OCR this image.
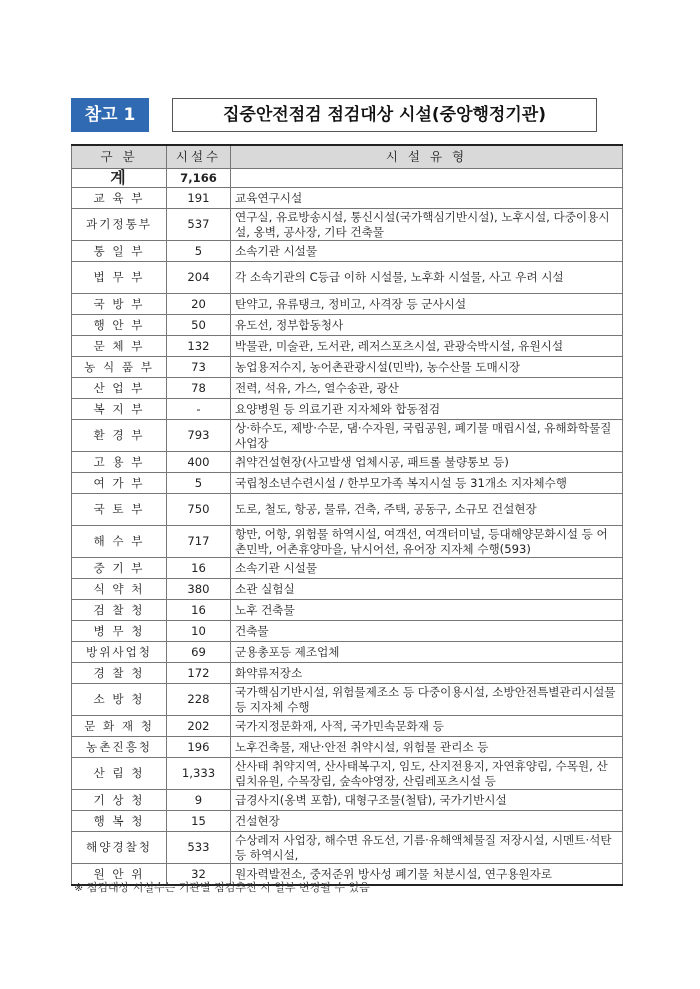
참고 1	집중안전점검 점검대상 시설(중앙행정기관)
구 분	시설수	시 설 유 형
계	7,166	
교 육 부	191	교육연구시설
과기정통부	537	연구실, 유료방송시설, 통신시설(국가핵심기반시설), 노후시설, 다중이용시설, 옹벽, 공사장, 기타 건축물
통 일 부	5	소속기관 시설물
법 무 부	204	각 소속기관의 C등급 이하 시설물, 노후화 시설물, 사고 우려 시설
국 방 부	20	탄약고, 유류탱크, 정비고, 사격장 등 군사시설
행 안 부	50	유도선, 정부합동청사
문 체 부	132	박물관, 미술관, 도서관, 레저스포츠시설, 관광숙박시설, 유원시설
농 식 품 부	73	농업용저수지, 농어촌관광시설(민박), 농수산물 도매시장
산 업 부	78	전력, 석유, 가스, 열수송관, 광산
복 지 부	-	요양병원 등 의료기관 지자체와 합동점검
환 경 부	793	상·하수도, 제방·수문, 댐·수자원, 국립공원, 폐기물 매립시설, 유해화학물질사업장
고 용 부	400	취약건설현장(사고발생 업체시공, 패트롤 불량통보 등)
여 가 부	5	국립청소년수련시설 / 한부모가족 복지시설 등 31개소 지자체수행
국 토 부	750	도로, 철도, 항공, 물류, 건축, 주택, 공동구, 소규모 건설현장
해 수 부	717	항만, 어항, 위험물 하역시설, 여객선, 여객터미널, 등대해양문화시설 등 어촌민박, 어촌휴양마을, 낚시어선, 유어장 지자체 수행(593)
중 기 부	16	소속기관 시설물
식 약 처	380	소관 실험실
검 찰 청	16	노후 건축물
병 무 청	10	건축물
방위사업청	69	군용총포등 제조업체
경 찰 청	172	화약류저장소
소 방 청	228	국가핵심기반시설, 위험물제조소 등 다중이용시설, 소방안전특별관리시설물 등 지자체 수행
문 화 재 청	202	국가지정문화재, 사적, 국가민속문화재 등
농촌진흥청	196	노후건축물, 재난·안전 취약시설, 위험물 관리소 등
산 림 청	1,333	산사태 취약지역, 산사태복구지, 임도, 산지전용지, 자연휴양림, 수목원, 산림치유원, 수목장림, 숲속야영장, 산림레포츠시설 등
기 상 청	9	급경사지(옹벽 포함), 대형구조물(철탑), 국가기반시설
행 복 청	15	건설현장
해양경찰청	533	수상레저 사업장, 해수면 유도선, 기름·유해액체물질 저장시설, 시멘트·석탄 등 하역시설,
원 안 위	32	원자력발전소, 중저준위 방사성 폐기물 처분시설, 연구용원자로
※ 점검대상 시설수는 기관별 점검추진 시 일부 변경될 수 있음
